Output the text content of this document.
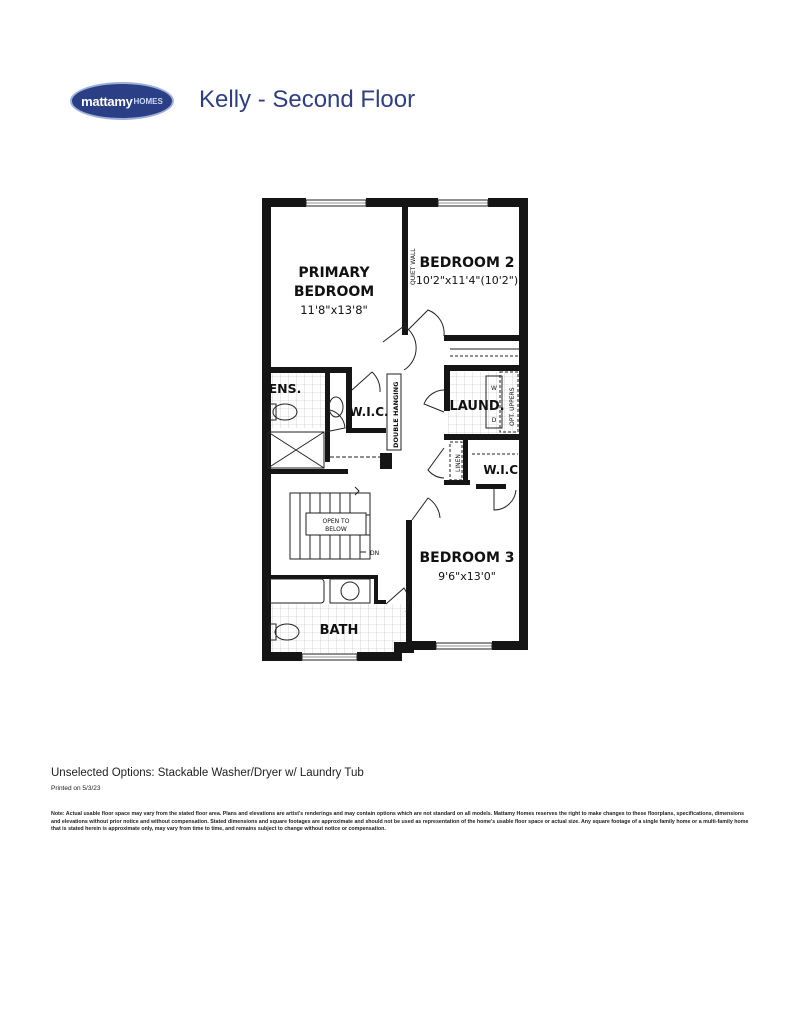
mattamy HOMES Kelly - Second Floor
PRIMARY
BEDROOM
11'8"x13'8"
BEDROOM 2
10'2"x11'4"(10'2")
BEDROOM 3
9'6"x13'0"
ENS.
W.I.C.	LAUND.
W.I.C.
BATH
QUIET WALL
DOUBLE HANGING	OPT. UPPERS
LINEN
OPEN TO
BELOW
DN
W
D
Unselected Options: Stackable Washer/Dryer w/ Laundry Tub
Printed on 5/3/23
Note: Actual usable floor space may vary from the stated floor area. Plans and elevations are artist's renderings and may contain options which are not standard on all models. Mattamy Homes reserves the right to make changes to these floorplans, specifications, dimensions and elevations without prior notice and without compensation. Stated dimensions and square footages are approximate and should not be used as representation of the home's usable floor space or actual size. Any square footage of a single family home or a multi-family home that is stated herein is approximate only, may vary from time to time, and remains subject to change without notice or compensation.
